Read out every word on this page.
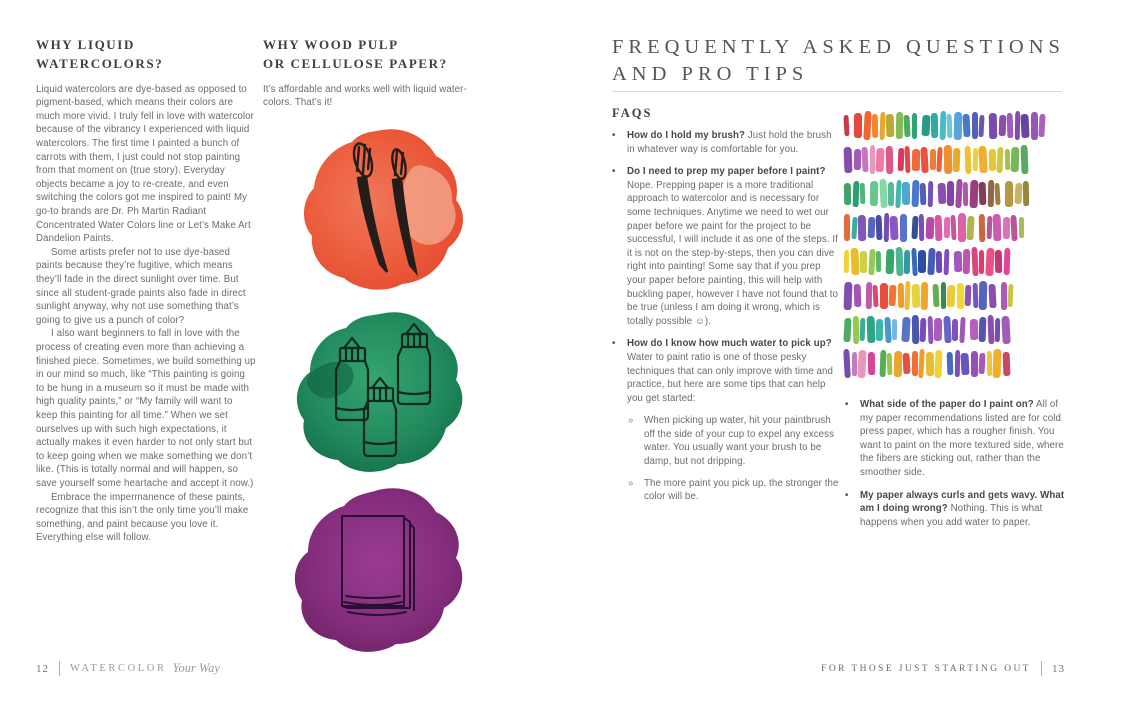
WHY LIQUID WATERCOLORS?

Liquid watercolors are dye-based as opposed to pigment-based, which means their colors are much more vivid. I truly fell in love with watercolor because of the vibrancy I experienced with liquid watercolors. The first time I painted a bunch of carrots with them, I just could not stop painting from that moment on (true story). Everyday objects became a joy to re-create, and even switching the colors got me inspired to paint! My go-to brands are Dr. Ph Martin Radiant Concentrated Water Colors line or Let’s Make Art Dandelion Paints.

Some artists prefer not to use dye-based paints because they’re fugitive, which means they’ll fade in the direct sunlight over time. But since all student-grade paints also fade in direct sunlight anyway, why not use something that’s going to give us a punch of color?

I also want beginners to fall in love with the process of creating even more than achieving a finished piece. Sometimes, we build something up in our mind so much, like “This painting is going to be hung in a museum so it must be made with high quality paints,” or “My family will want to keep this painting for all time.” When we set ourselves up with such high expectations, it actually makes it even harder to not only start but to keep going when we make something we don’t like. (This is totally normal and will happen, so save yourself some heartache and accept it now.)

Embrace the impermanence of these paints, recognize that this isn’t the only time you’ll make something, and paint because you love it. Everything else will follow.

WHY WOOD PULP
OR CELLULOSE PAPER?

It’s affordable and works well with liquid water-colors. That’s it!

12 WATERCOLOR Your Way
FREQUENTLY ASKED QUESTIONS
AND PRO TIPS
FAQS
•	How do I hold my brush? Just hold the brush in whatever way is comfortable for you.
•	Do I need to prep my paper before I paint? Nope. Prepping paper is a more traditional approach to watercolor and is necessary for some techniques. Anytime we need to wet our paper before we paint for the project to be successful, I will include it as one of the steps. If it is not on the step-by-steps, then you can dive right into painting! Some say that if you prep your paper before painting, this will help with buckling paper, however I have not found that to be true (unless I am doing it wrong, which is totally possible ☺).
•	How do I know how much water to pick up? Water to paint ratio is one of those pesky techniques that can only improve with time and practice, but here are some tips that can help you get started:
»	When picking up water, hit your paintbrush off the side of your cup to expel any excess water. You usually want your brush to be damp, but not dripping.
»	The more paint you pick up, the stronger the color will be.
•	What side of the paper do I paint on? All of my paper recommendations listed are for cold press paper, which has a rougher finish. You want to paint on the more textured side, where the fibers are sticking out, rather than the smoother side.
•	My paper always curls and gets wavy. What am I doing wrong? Nothing. This is what happens when you add water to paper.
FOR THOSE JUST STARTING OUT 13
